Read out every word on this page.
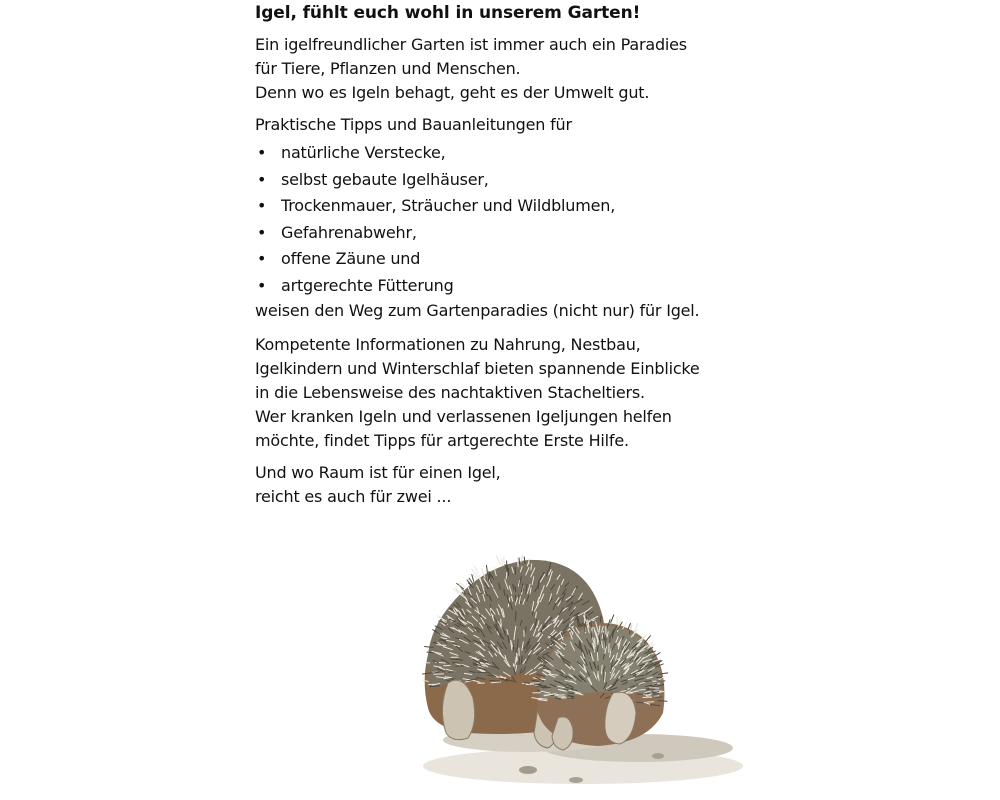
Igel, fühlt euch wohl in unserem Garten!

Ein igelfreundlicher Garten ist immer auch ein Paradies
für Tiere, Pflanzen und Menschen.
Denn wo es Igeln behagt, geht es der Umwelt gut.

Praktische Tipps und Bauanleitungen für

• natürliche Verstecke,
• selbst gebaute Igelhäuser,
• Trockenmauer, Sträucher und Wildblumen,
• Gefahrenabwehr,
• offene Zäune und
• artgerechte Fütterung

weisen den Weg zum Gartenparadies (nicht nur) für Igel.

Kompetente Informationen zu Nahrung, Nestbau,
Igelkindern und Winterschlaf bieten spannende Einblicke
in die Lebensweise des nachtaktiven Stacheltiers.
Wer kranken Igeln und verlassenen Igeljungen helfen
möchte, findet Tipps für artgerechte Erste Hilfe.

Und wo Raum ist für einen Igel,
reicht es auch für zwei ...
